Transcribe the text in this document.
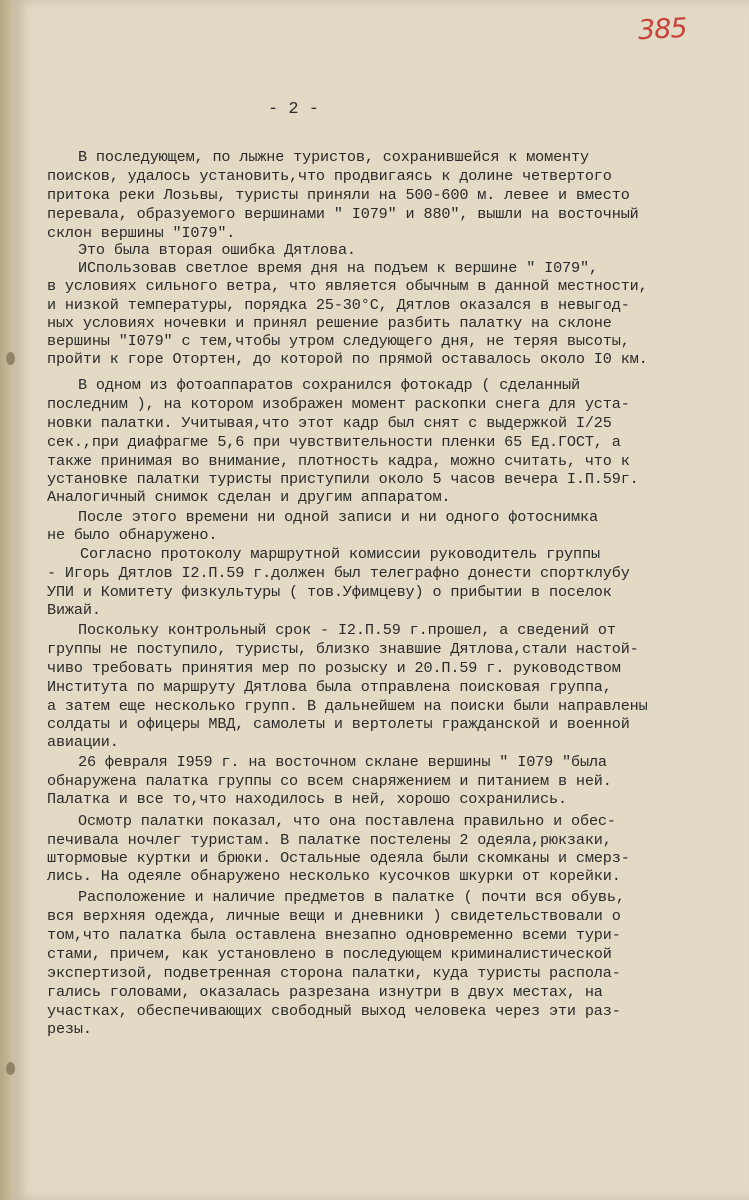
385
- 2 -
В последующем, по лыжне туристов, сохранившейся к моменту
поисков, удалось установить,что продвигаясь к долине четвертого
притока реки Лозьвы, туристы приняли на 500-600 м. левее и вместо
перевала, образуемого вершинами " I079" и 880", вышли на восточный
склон вершины "I079".
Это была вторая ошибка Дятлова.
ИСпользовав светлое время дня на подъем к вершине " I079",
в условиях сильного ветра, что является обычным в данной местности,
и низкой температуры, порядка 25-30°С, Дятлов оказался в невыгод-
ных условиях ночевки и принял решение разбить палатку на склоне
вершины "I079" с тем,чтобы утром следующего дня, не теряя высоты,
пройти к горе Отортен, до которой по прямой оставалось около I0 км.
В одном из фотоаппаратов сохранился фотокадр ( сделанный
последним ), на котором изображен момент раскопки снега для уста-
новки палатки. Учитывая,что этот кадр был снят с выдержкой I/25
сек.,при диафрагме 5,6 при чувствительности пленки 65 Ед.ГОСТ, а
также принимая во внимание, плотность кадра, можно считать, что к
установке палатки туристы приступили около 5 часов вечера I.П.59г.
Аналогичный снимок сделан и другим аппаратом.
После этого времени ни одной записи и ни одного фотоснимка
не было обнаружено.
Согласно протоколу маршрутной комиссии руководитель группы
- Игорь Дятлов I2.П.59 г.должен был телеграфно донести спортклубу
УПИ и Комитету физкультуры ( тов.Уфимцеву) о прибытии в поселок
Вижай.
Поскольку контрольный срок - I2.П.59 г.прошел, а сведений от
группы не поступило, туристы, близко знавшие Дятлова,стали настой-
чиво требовать принятия мер по розыску и 20.П.59 г. руководством
Института по маршруту Дятлова была отправлена поисковая группа,
а затем еще несколько групп. В дальнейшем на поиски были направлены
солдаты и офицеры МВД, самолеты и вертолеты гражданской и военной
авиации.
26 февраля I959 г. на восточном склане вершины " I079 "была
обнаружена палатка группы со всем снаряжением и питанием в ней.
Палатка и все то,что находилось в ней, хорошо сохранились.
Осмотр палатки показал, что она поставлена правильно и обес-
печивала ночлег туристам. В палатке постелены 2 одеяла,рюкзаки,
штормовые куртки и брюки. Остальные одеяла были скомканы и смерз-
лись. На одеяле обнаружено несколько кусочков шкурки от корейки.
Расположение и наличие предметов в палатке ( почти вся обувь,
вся верхняя одежда, личные вещи и дневники ) свидетельствовали о
том,что палатка была оставлена внезапно одновременно всеми тури-
стами, причем, как установлено в последующем криминалистической
экспертизой, подветренная сторона палатки, куда туристы распола-
гались головами, оказалась разрезана изнутри в двух местах, на
участках, обеспечивающих свободный выход человека через эти раз-
резы.
